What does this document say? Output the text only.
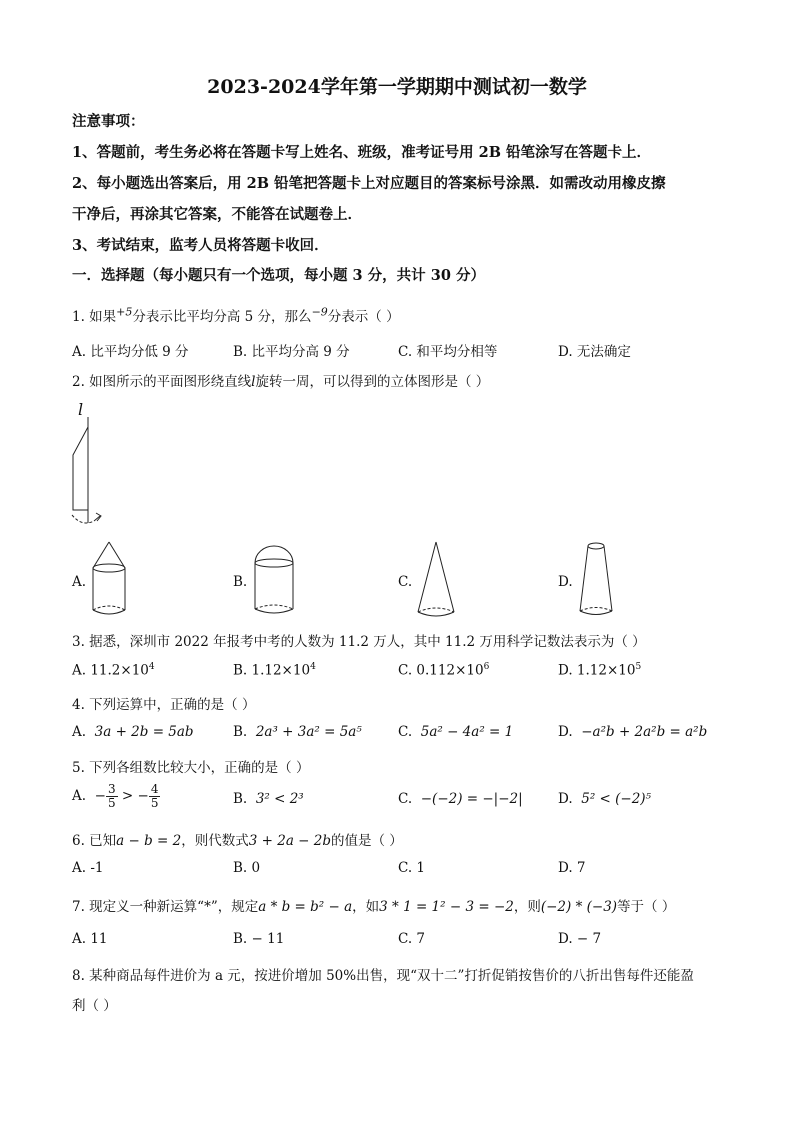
2023-2024学年第一学期期中测试初一数学
注意事项：
1、答题前，考生务必将在答题卡写上姓名、班级，准考证号用 2B 铅笔涂写在答题卡上．
2、每小题选出答案后，用 2B 铅笔把答题卡上对应题目的答案标号涂黑．如需改动用橡皮擦
干净后，再涂其它答案，不能答在试题卷上．
3、考试结束，监考人员将答题卡收回．
一．选择题（每小题只有一个选项，每小题 3 分，共计 30 分）
1. 如果$^{+5}$分表示比平均分高 5 分，那么$^{-9}$分表示（ ）
A. 比平均分低 9 分	B. 比平均分高 9 分	C. 和平均分相等	D. 无法确定
2. 如图所示的平面图形绕直线l旋转一周，可以得到的立体图形是（ ）
l
A.	B.	C.	D.
3. 据悉，深圳市 2022 年报考中考的人数为 11.2 万人，其中 11.2 万用科学记数法表示为（ ）
A. $11.2\times 10^4$	B. $1.12\times 10^4$	C. $0.112\times 10^6$	D. $1.12\times 10^5$
4. 下列运算中，正确的是（ ）
A. 3a + 2b = 5ab	B. 2a³ + 3a² = 5a⁵	C. 5a² − 4a² = 1	D. −a²b + 2a²b = a²b
5. 下列各组数比较大小，正确的是（ ）
A.  − $\frac{3}{5}$ > − $\frac{4}{5}$	B. 3² < 2³	C. −(−2) = −|−2|	D. 5² < (−2)⁵
6. 已知a − b = 2，则代数式3 + 2a − 2b的值是（ ）
A. -1	B. 0	C. 1	D. 7
7. 现定义一种新运算“*”，规定a * b = b² − a，如3 * 1 = 1² − 3 = −2，则(−2) * (−3)等于（ ）
A. 11	B. − 11	C. 7	D. − 7
8. 某种商品每件进价为 a 元，按进价增加 50%出售，现“双十二”打折促销按售价的八折出售每件还能盈
利（ ）
